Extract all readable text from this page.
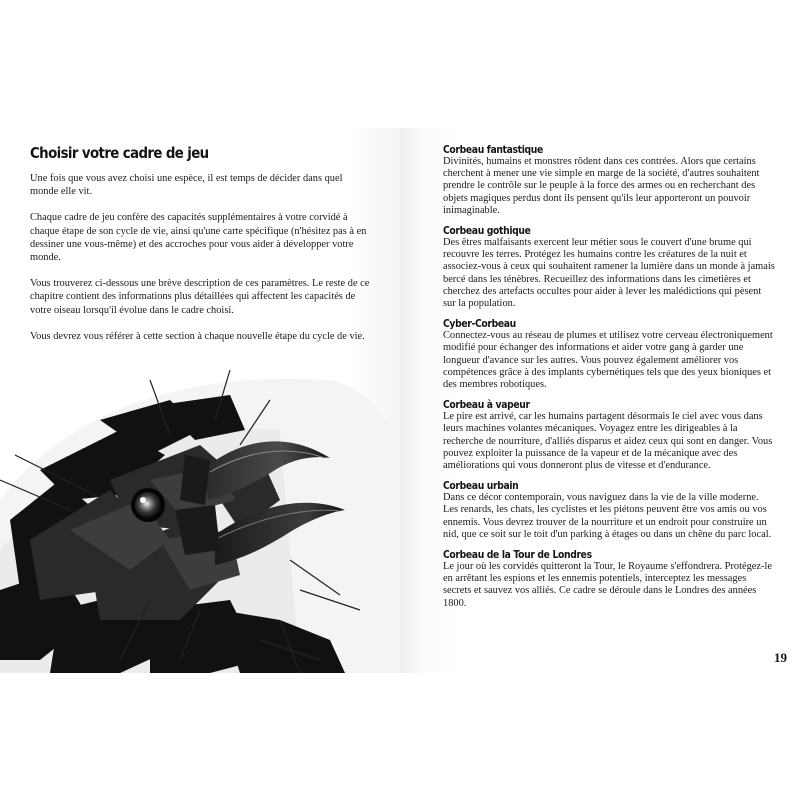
Choisir votre cadre de jeu

Une fois que vous avez choisi une espèce, il est temps de décider dans quel monde elle vit.

Chaque cadre de jeu confère des capacités supplémentaires à votre corvidé à chaque étape de son cycle de vie, ainsi qu'une carte spécifique (n'hésitez pas à en dessiner une vous-même) et des accroches pour vous aider à développer votre monde.

Vous trouverez ci-dessous une brève description de ces paramètres. Le reste de ce chapitre contient des informations plus détaillées qui affectent les capacités de votre oiseau lorsqu'il évolue dans le cadre choisi.

Vous devrez vous référer à cette section à chaque nouvelle étape du cycle de vie.

Corbeau fantastique

Divinités, humains et monstres rôdent dans ces contrées. Alors que certains cherchent à mener une vie simple en marge de la société, d'autres souhaitent prendre le contrôle sur le peuple à la force des armes ou en recherchant des objets magiques perdus dont ils pensent qu'ils leur apporteront un pouvoir inimaginable.

Corbeau gothique

Des êtres malfaisants exercent leur métier sous le couvert d'une brume qui recouvre les terres. Protégez les humains contre les créatures de la nuit et associez-vous à ceux qui souhaitent ramener la lumière dans un monde à jamais bercé dans les ténèbres. Recueillez des informations dans les cimetières et cherchez des artefacts occultes pour aider à lever les malédictions qui pèsent sur la population.

Cyber-Corbeau

Connectez-vous au réseau de plumes et utilisez votre cerveau électroniquement modifié pour échanger des informations et aider votre gang à garder une longueur d'avance sur les autres. Vous pouvez également améliorer vos compétences grâce à des implants cybernétiques tels que des yeux bioniques et des membres robotiques.

Corbeau à vapeur

Le pire est arrivé, car les humains partagent désormais le ciel avec vous dans leurs machines volantes mécaniques. Voyagez entre les dirigeables à la recherche de nourriture, d'alliés disparus et aidez ceux qui sont en danger. Vous pouvez exploiter la puissance de la vapeur et de la mécanique avec des améliorations qui vous donneront plus de vitesse et d'endurance.

Corbeau urbain

Dans ce décor contemporain, vous naviguez dans la vie de la ville moderne. Les renards, les chats, les cyclistes et les piétons peuvent être vos amis ou vos ennemis. Vous devrez trouver de la nourriture et un endroit pour construire un nid, que ce soit sur le toit d'un parking à étages ou dans un chêne du parc local.

Corbeau de la Tour de Londres

Le jour où les corvidés quitteront la Tour, le Royaume s'effondrera. Protégez-le en arrêtant les espions et les ennemis potentiels, interceptez les messages secrets et sauvez vos alliés. Ce cadre se déroule dans le Londres des années 1800.

19
